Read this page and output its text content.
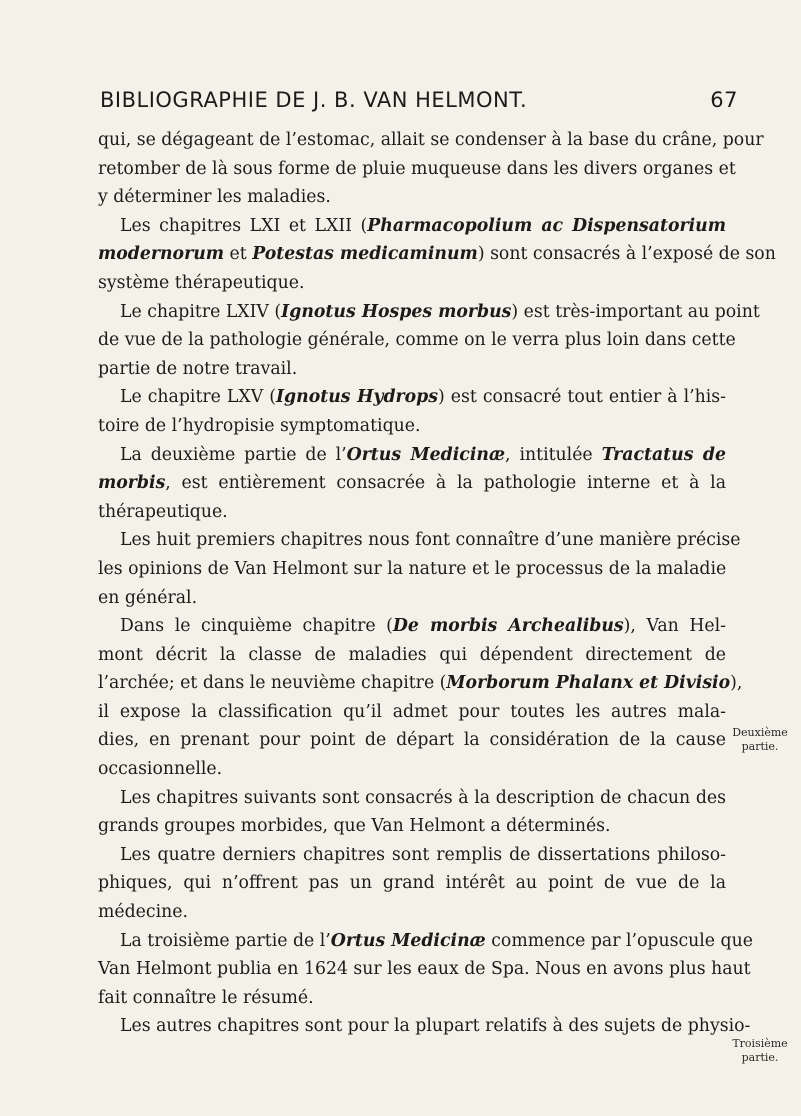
BIBLIOGRAPHIE DE J. B. VAN HELMONT.	67
qui, se dégageant de l’estomac, allait se condenser à la base du crâne, pour
retomber de là sous forme de pluie muqueuse dans les divers organes et
y déterminer les maladies.
Les chapitres LXI et LXII (Pharmacopolium ac Dispensatorium
modernorum et Potestas medicaminum) sont consacrés à l’exposé de son
système thérapeutique.
Le chapitre LXIV (Ignotus Hospes morbus) est très-important au point
de vue de la pathologie générale, comme on le verra plus loin dans cette
partie de notre travail.
Le chapitre LXV (Ignotus Hydrops) est consacré tout entier à l’his-
toire de l’hydropisie symptomatique.
La deuxième partie de l’Ortus Medicinæ, intitulée Tractatus de
morbis, est entièrement consacrée à la pathologie interne et à la
thérapeutique.
Les huit premiers chapitres nous font connaître d’une manière précise
les opinions de Van Helmont sur la nature et le processus de la maladie
en général.
Dans le cinquième chapitre (De morbis Archealibus), Van Hel-
mont décrit la classe de maladies qui dépendent directement de
l’archée; et dans le neuvième chapitre (Morborum Phalanx et Divisio),
il expose la classification qu’il admet pour toutes les autres mala-
dies, en prenant pour point de départ la considération de la cause
occasionnelle.
Les chapitres suivants sont consacrés à la description de chacun des
grands groupes morbides, que Van Helmont a déterminés.
Les quatre derniers chapitres sont remplis de dissertations philoso-
phiques, qui n’offrent pas un grand intérêt au point de vue de la
médecine.
La troisième partie de l’Ortus Medicinæ commence par l’opuscule que
Van Helmont publia en 1624 sur les eaux de Spa. Nous en avons plus haut
fait connaître le résumé.
Les autres chapitres sont pour la plupart relatifs à des sujets de physio-
Deuxième
partie.
Troisième
partie.
